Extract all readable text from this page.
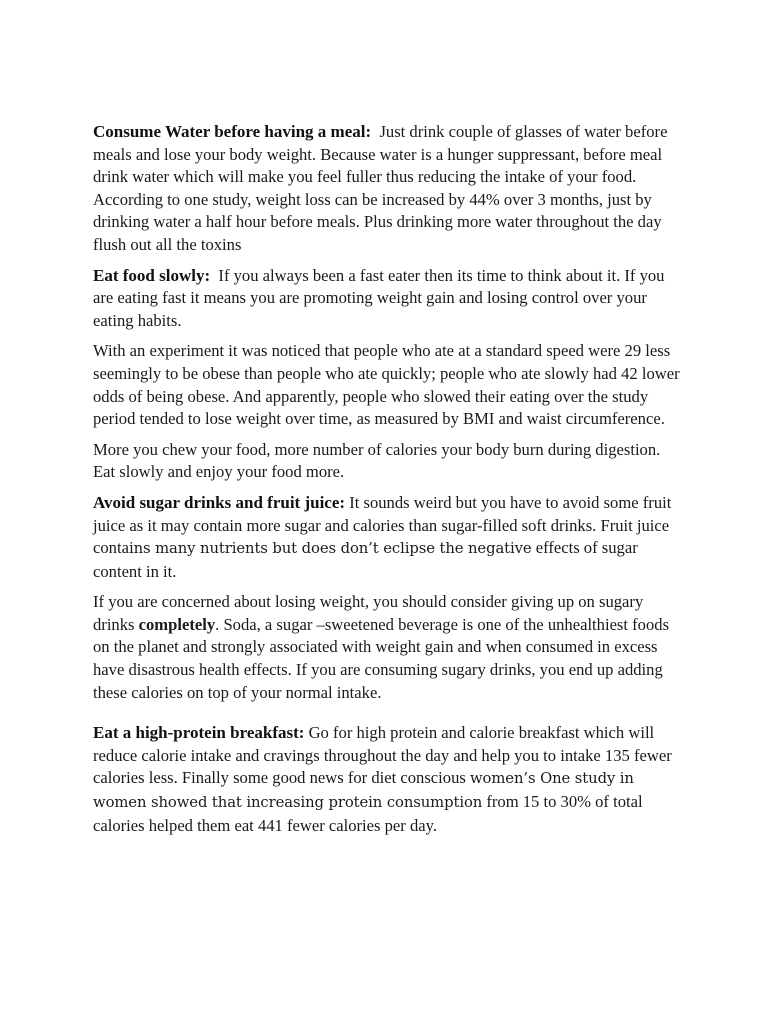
Consume Water before having a meal:  Just drink couple of glasses of water before meals and lose your body weight. Because water is a hunger suppressant, before meal drink water which will make you feel fuller thus reducing the intake of your food. According to one study, weight loss can be increased by 44% over 3 months, just by drinking water a half hour before meals. Plus drinking more water throughout the day flush out all the toxins

Eat food slowly:  If you always been a fast eater then its time to think about it. If you are eating fast it means you are promoting weight gain and losing control over your eating habits.

With an experiment it was noticed that people who ate at a standard speed were 29 less seemingly to be obese than people who ate quickly; people who ate slowly had 42 lower odds of being obese. And apparently, people who slowed their eating over the study period tended to lose weight over time, as measured by BMI and waist circumference.

More you chew your food, more number of calories your body burn during digestion. Eat slowly and enjoy your food more.

Avoid sugar drinks and fruit juice: It sounds weird but you have to avoid some fruit juice as it may contain more sugar and calories than sugar-filled soft drinks. Fruit juice contains many nutrients but does don’t eclipse the negative effects of sugar content in it.

If you are concerned about losing weight, you should consider giving up on sugary drinks completely. Soda, a sugar –sweetened beverage is one of the unhealthiest foods on the planet and strongly associated with weight gain and when consumed in excess have disastrous health effects. If you are consuming sugary drinks, you end up adding these calories on top of your normal intake.

Eat a high-protein breakfast: Go for high protein and calorie breakfast which will reduce calorie intake and cravings throughout the day and help you to intake 135 fewer calories less. Finally some good news for diet conscious women’s One study in women showed that increasing protein consumption from 15 to 30% of total calories helped them eat 441 fewer calories per day.
